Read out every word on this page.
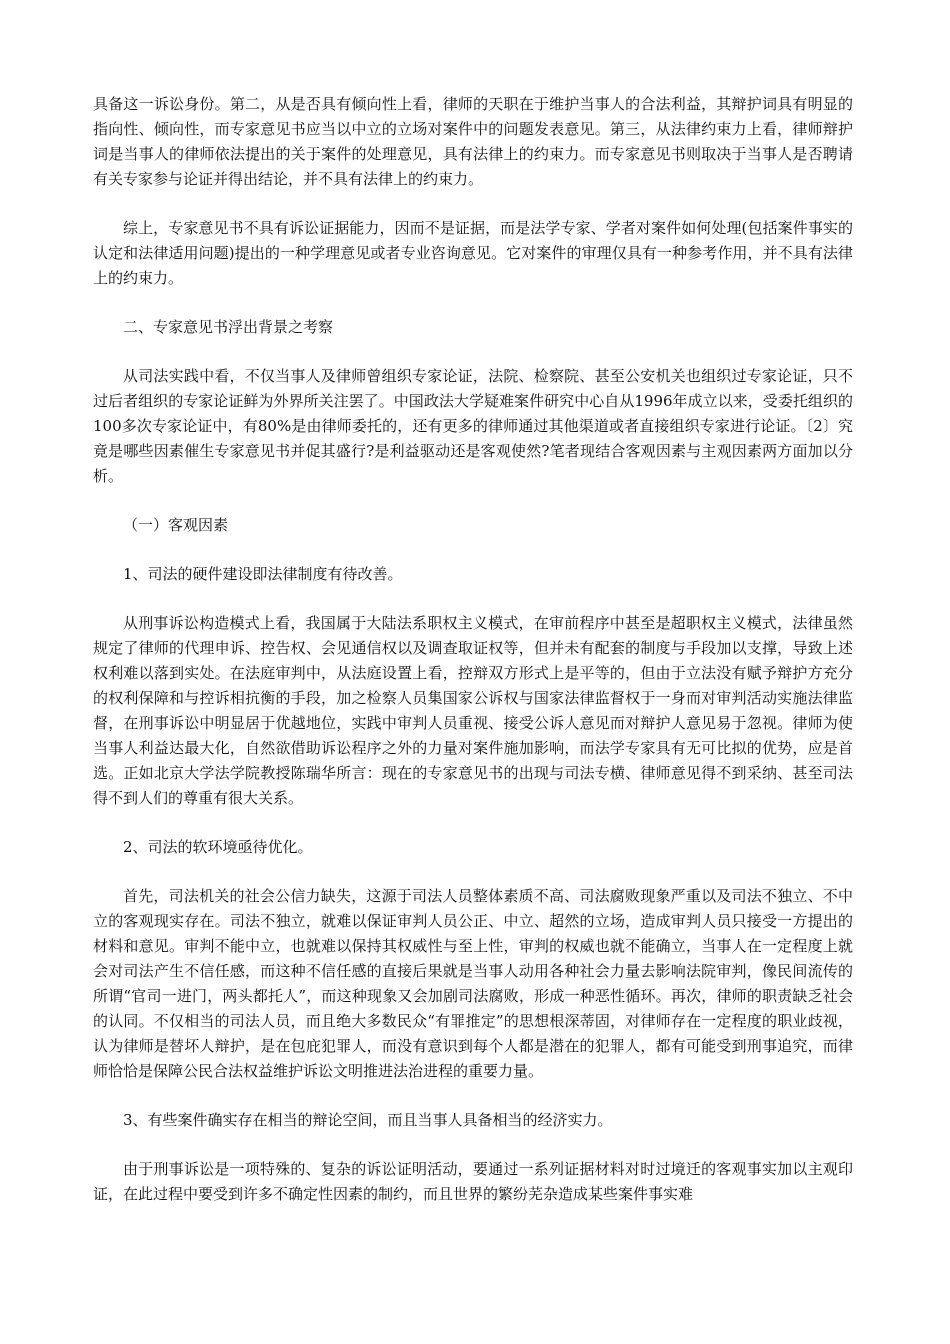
具备这一诉讼身份。第二，从是否具有倾向性上看，律师的天职在于维护当事人的合法利益，其辩护词具有明显的指向性、倾向性，而专家意见书应当以中立的立场对案件中的问题发表意见。第三，从法律约束力上看，律师辩护词是当事人的律师依法提出的关于案件的处理意见，具有法律上的约束力。而专家意见书则取决于当事人是否聘请有关专家参与论证并得出结论，并不具有法律上的约束力。

综上，专家意见书不具有诉讼证据能力，因而不是证据，而是法学专家、学者对案件如何处理(包括案件事实的认定和法律适用问题)提出的一种学理意见或者专业咨询意见。它对案件的审理仅具有一种参考作用，并不具有法律上的约束力。

二、专家意见书浮出背景之考察

从司法实践中看，不仅当事人及律师曾组织专家论证，法院、检察院、甚至公安机关也组织过专家论证，只不过后者组织的专家论证鲜为外界所关注罢了。中国政法大学疑难案件研究中心自从1996年成立以来，受委托组织的100多次专家论证中，有80%是由律师委托的，还有更多的律师通过其他渠道或者直接组织专家进行论证。〔2〕究竟是哪些因素催生专家意见书并促其盛行?是利益驱动还是客观使然?笔者现结合客观因素与主观因素两方面加以分析。

（一）客观因素

1、司法的硬件建设即法律制度有待改善。

从刑事诉讼构造模式上看，我国属于大陆法系职权主义模式，在审前程序中甚至是超职权主义模式，法律虽然规定了律师的代理申诉、控告权、会见通信权以及调查取证权等，但并未有配套的制度与手段加以支撑，导致上述权利难以落到实处。在法庭审判中，从法庭设置上看，控辩双方形式上是平等的，但由于立法没有赋予辩护方充分的权利保障和与控诉相抗衡的手段，加之检察人员集国家公诉权与国家法律监督权于一身而对审判活动实施法律监督，在刑事诉讼中明显居于优越地位，实践中审判人员重视、接受公诉人意见而对辩护人意见易于忽视。律师为使当事人利益达最大化，自然欲借助诉讼程序之外的力量对案件施加影响，而法学专家具有无可比拟的优势，应是首选。正如北京大学法学院教授陈瑞华所言：现在的专家意见书的出现与司法专横、律师意见得不到采纳、甚至司法得不到人们的尊重有很大关系。

2、司法的软环境亟待优化。

首先，司法机关的社会公信力缺失，这源于司法人员整体素质不高、司法腐败现象严重以及司法不独立、不中立的客观现实存在。司法不独立，就难以保证审判人员公正、中立、超然的立场，造成审判人员只接受一方提出的材料和意见。审判不能中立，也就难以保持其权威性与至上性，审判的权威也就不能确立，当事人在一定程度上就会对司法产生不信任感，而这种不信任感的直接后果就是当事人动用各种社会力量去影响法院审判，像民间流传的所谓“官司一进门，两头都托人”，而这种现象又会加剧司法腐败，形成一种恶性循环。再次，律师的职责缺乏社会的认同。不仅相当的司法人员，而且绝大多数民众“有罪推定”的思想根深蒂固，对律师存在一定程度的职业歧视，认为律师是替坏人辩护，是在包庇犯罪人，而没有意识到每个人都是潜在的犯罪人，都有可能受到刑事追究，而律师恰恰是保障公民合法权益维护诉讼文明推进法治进程的重要力量。

3、有些案件确实存在相当的辩论空间，而且当事人具备相当的经济实力。

由于刑事诉讼是一项特殊的、复杂的诉讼证明活动，要通过一系列证据材料对时过境迁的客观事实加以主观印证，在此过程中要受到许多不确定性因素的制约，而且世界的繁纷芜杂造成某些案件事实难
